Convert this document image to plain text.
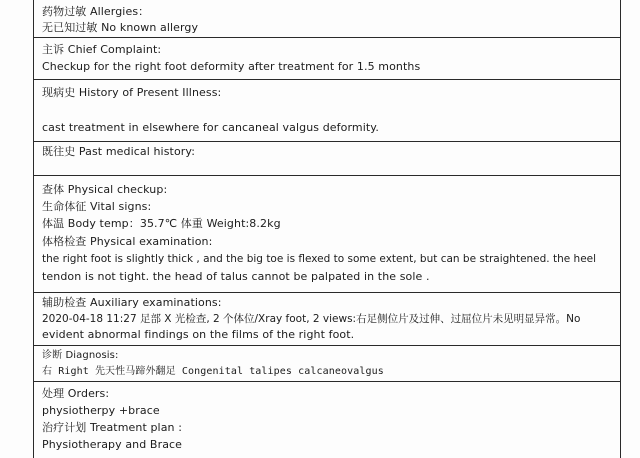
药物过敏 Allergies：
无已知过敏 No known allergy
主诉 Chief Complaint:
Checkup for the right foot deformity after treatment for 1.5 months
现病史 History of Present Illness:
cast treatment in elsewhere for cancaneal valgus deformity.
既往史 Past medical history:
查体 Physical checkup:
生命体征 Vital signs:
体温 Body temp：35.7℃ 体重 Weight:8.2kg
体格检查 Physical examination:
the right foot is slightly thick , and the big toe is flexed to some extent, but can be straightened. the heel
tendon is not tight. the head of talus cannot be palpated in the sole .
辅助检查 Auxiliary examinations:
2020-04-18 11:27 足部 X 光检查, 2 个体位/Xray foot, 2 views:右足侧位片及过伸、过屈位片未见明显异常。No
evident abnormal findings on the films of the right foot.
诊断 Diagnosis:
右 Right 先天性马蹄外翻足 Congenital talipes calcaneovalgus
处理 Orders:
physiotherpy +brace
治疗计划 Treatment plan :
Physiotherapy and Brace
